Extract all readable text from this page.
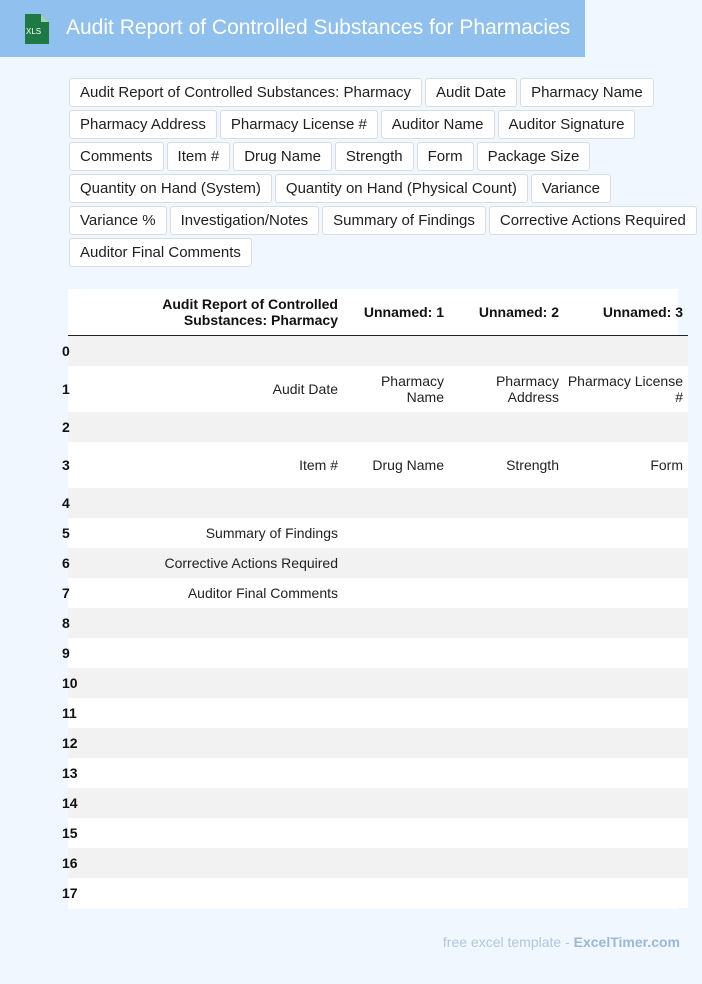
XLS Audit Report of Controlled Substances for Pharmacies
Audit Report of Controlled Substances: Pharmacy	Audit Date	Pharmacy Name
Pharmacy Address	Pharmacy License #	Auditor Name	Auditor Signature
Comments	Item #	Drug Name	Strength	Form	Package Size
Quantity on Hand (System)	Quantity on Hand (Physical Count)	Variance
Variance %	Investigation/Notes	Summary of Findings	Corrective Actions Required
Auditor Final Comments
	Audit Report of Controlled Substances: Pharmacy	Unnamed: 1	Unnamed: 2	Unnamed: 3
0				
1	Audit Date	Pharmacy Name	Pharmacy Address	Pharmacy License #
2				
3	Item #	Drug Name	Strength	Form
4				
5	Summary of Findings			
6	Corrective Actions Required			
7	Auditor Final Comments			
8				
9				
10				
11				
12				
13				
14				
15				
16				
17				
free excel template - ExcelTimer.com
